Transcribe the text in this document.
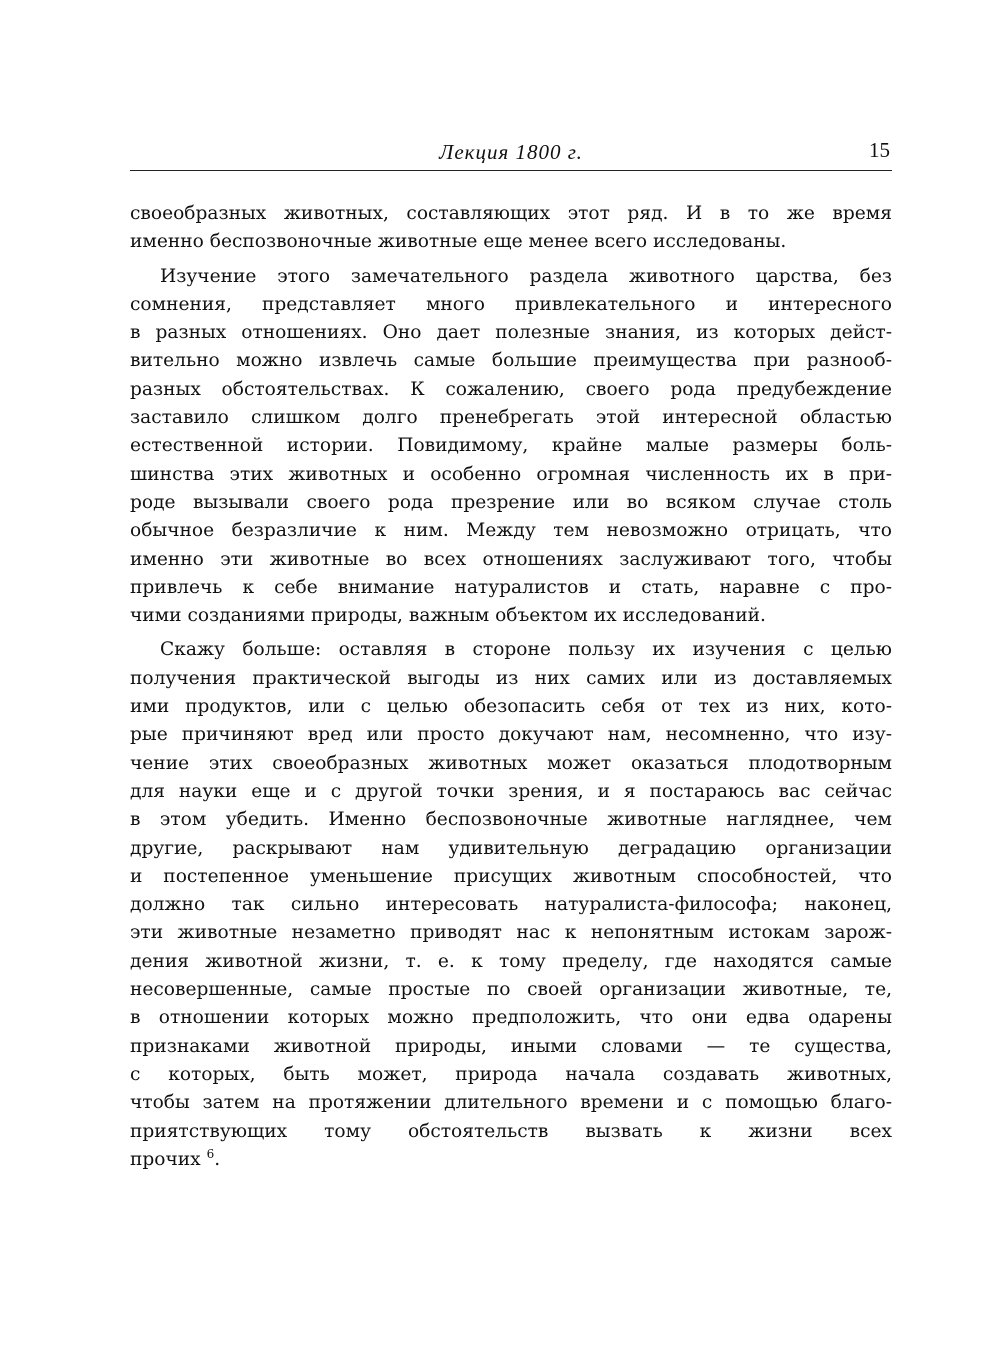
Лекция 1800 г.	15
своеобразных животных, составляющих этот ряд. И в то же время
именно беспозвоночные животные еще менее всего исследованы.
Изучение этого замечательного раздела животного царства, без
сомнения, представляет много привлекательного и интересного
в разных отношениях. Оно дает полезные знания, из которых дейст-
вительно можно извлечь самые большие преимущества при разнооб-
разных обстоятельствах. К сожалению, своего рода предубеждение
заставило слишком долго пренебрегать этой интересной областью
естественной истории. Повидимому, крайне малые размеры боль-
шинства этих животных и особенно огромная численность их в при-
роде вызывали своего рода презрение или во всяком случае столь
обычное безразличие к ним. Между тем невозможно отрицать, что
именно эти животные во всех отношениях заслуживают того, чтобы
привлечь к себе внимание натуралистов и стать, наравне с про-
чими созданиями природы, важным объектом их исследований.
Скажу больше: оставляя в стороне пользу их изучения с целью
получения практической выгоды из них самих или из доставляемых
ими продуктов, или с целью обезопасить себя от тех из них, кото-
рые причиняют вред или просто докучают нам, несомненно, что изу-
чение этих своеобразных животных может оказаться плодотворным
для науки еще и с другой точки зрения, и я постараюсь вас сейчас
в этом убедить. Именно беспозвоночные животные нагляднее, чем
другие, раскрывают нам удивительную деградацию организации
и постепенное уменьшение присущих животным способностей, что
должно так сильно интересовать натуралиста-философа; наконец,
эти животные незаметно приводят нас к непонятным истокам зарож-
дения животной жизни, т. е. к тому пределу, где находятся самые
несовершенные, самые простые по своей организации животные, те,
в отношении которых можно предположить, что они едва одарены
признаками животной природы, иными словами — те существа,
с которых, быть может, природа начала создавать животных,
чтобы затем на протяжении длительного времени и с помощью благо-
приятствующих тому обстоятельств вызвать к жизни всех
прочих $^6$.
